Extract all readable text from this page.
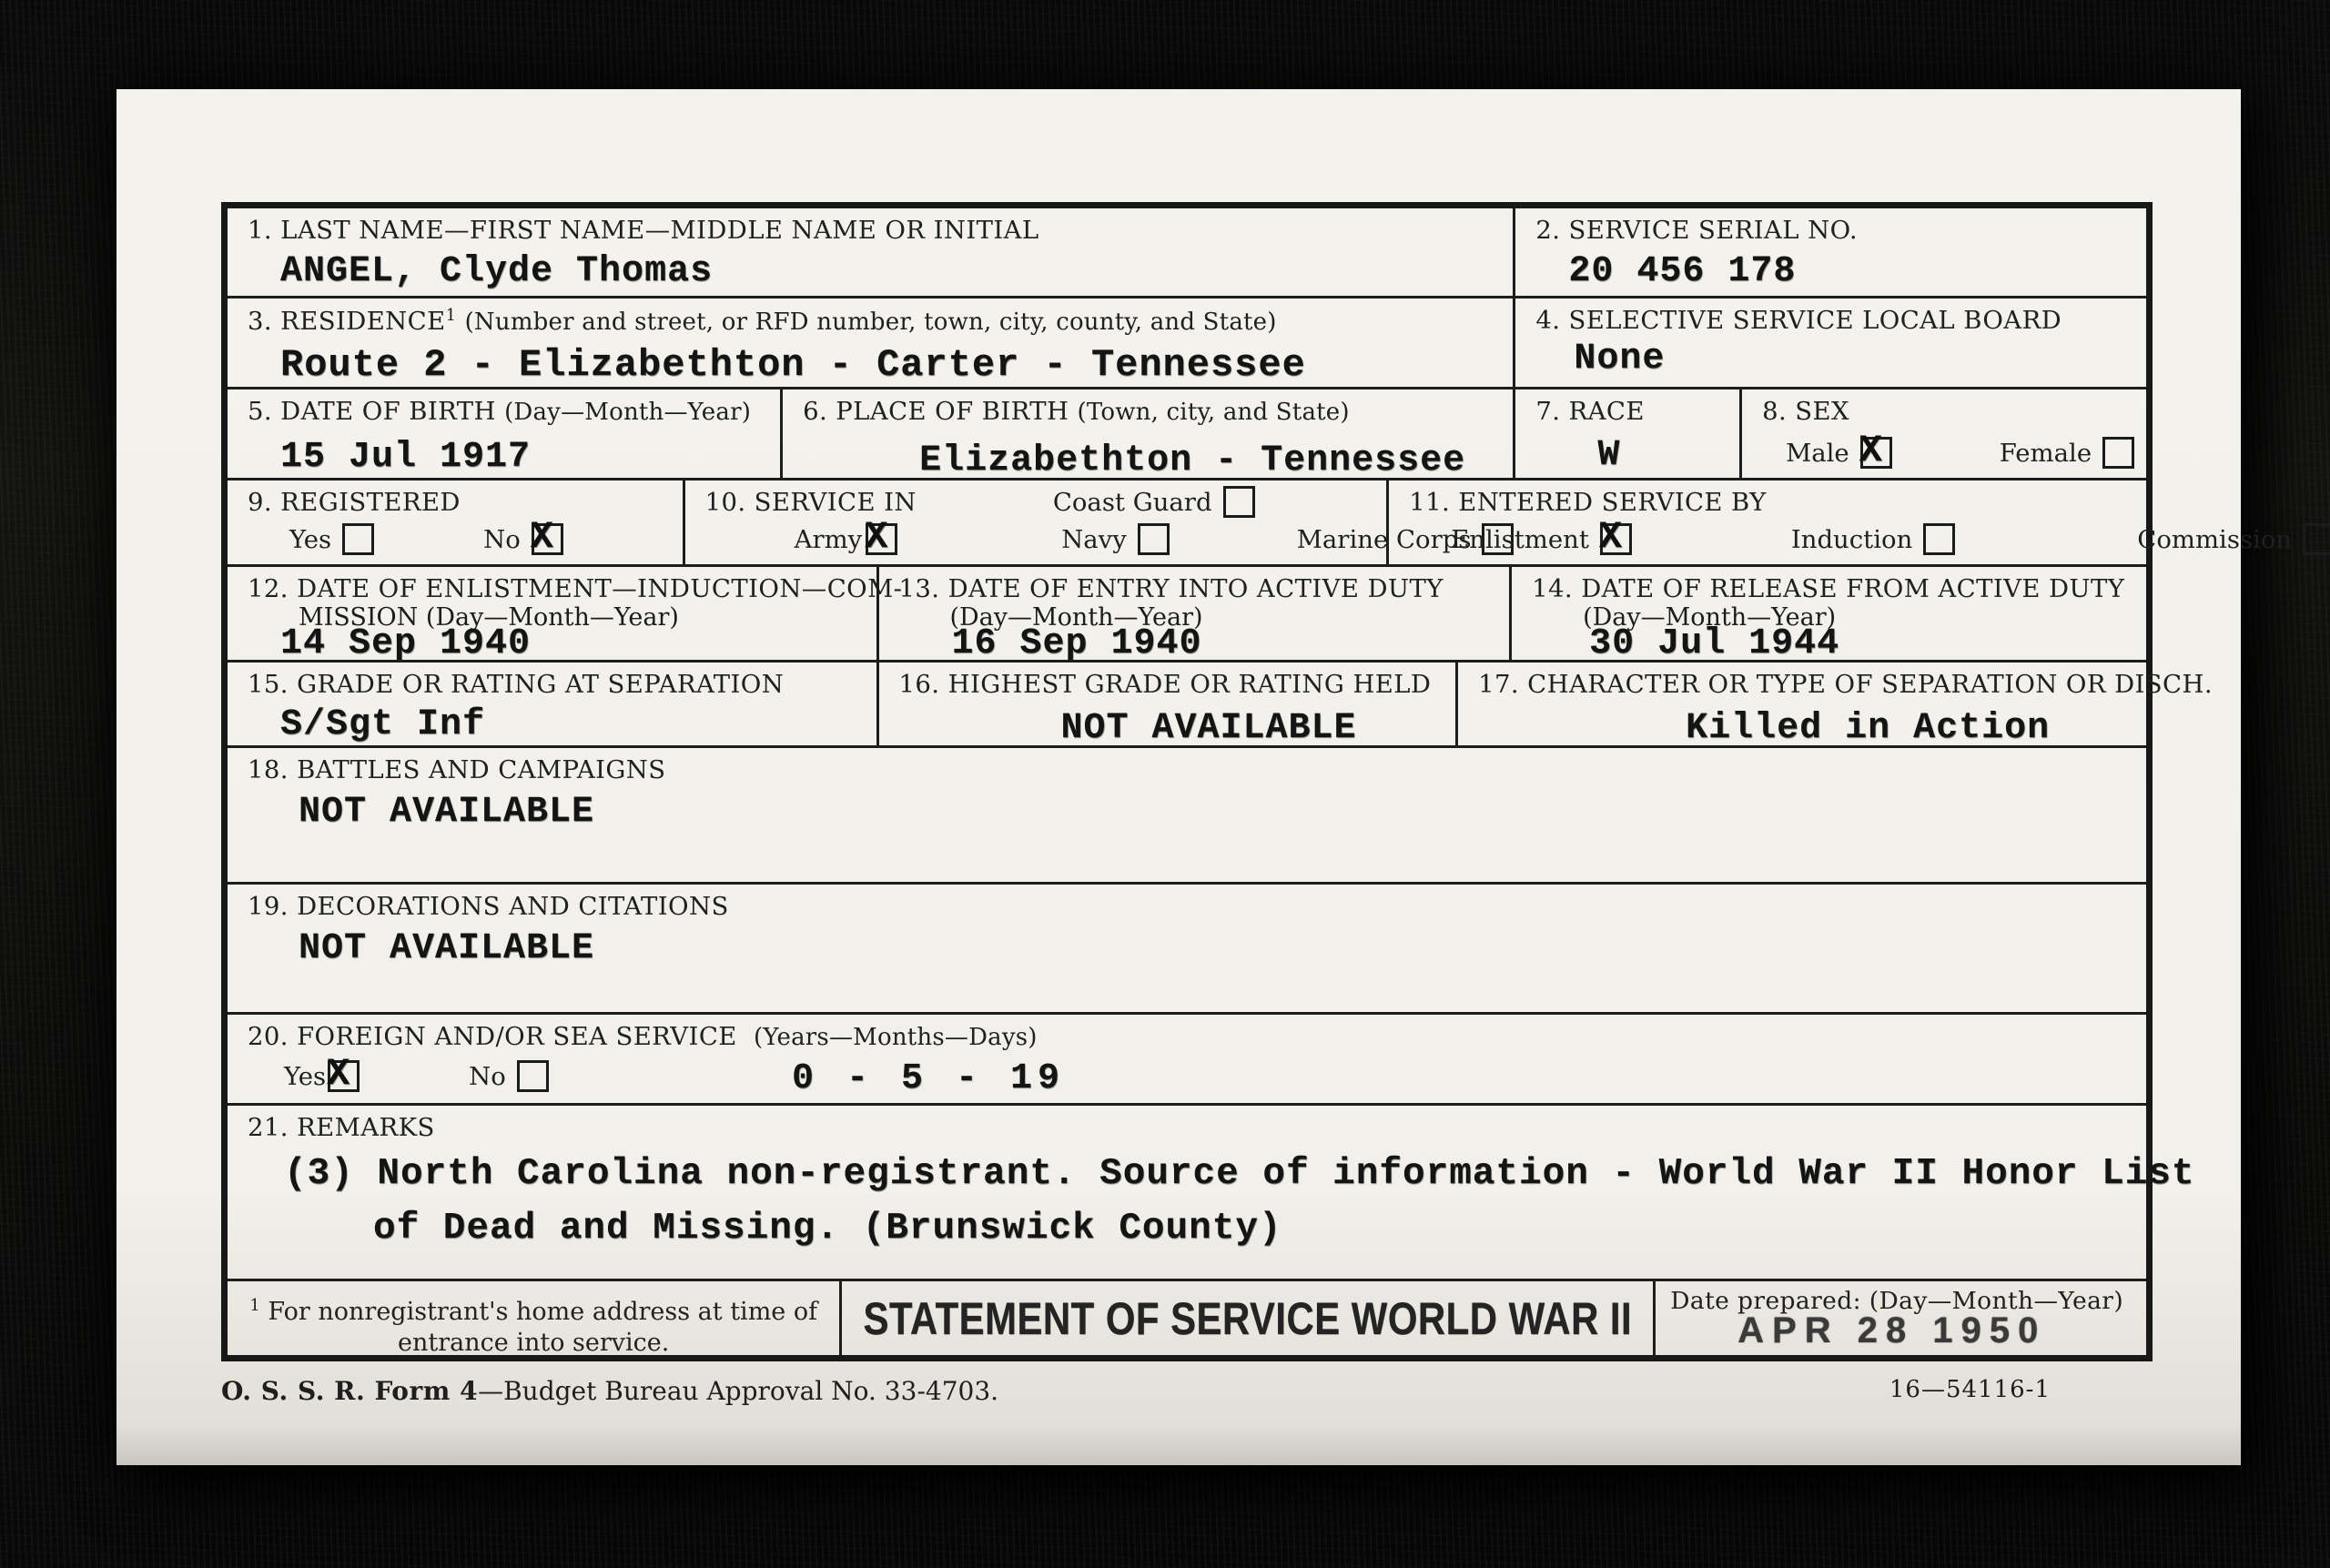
1. LAST NAME—FIRST NAME—MIDDLE NAME OR INITIAL
ANGEL, Clyde Thomas
2. SERVICE SERIAL NO.
20 456 178
3. RESIDENCE$^1$ (Number and street, or RFD number, town, city, county, and State)
Route 2 - Elizabethton - Carter - Tennessee
4. SELECTIVE SERVICE LOCAL BOARD
None
5. DATE OF BIRTH (Day—Month—Year)
15 Jul 1917
6. PLACE OF BIRTH (Town, city, and State)
Elizabethton - Tennessee
7. RACE
W
8. SEX
Male X	Female
9. REGISTERED
Yes	No X
10. SERVICE IN	Coast Guard
Army X	Navy	Marine Corps
11. ENTERED SERVICE BY
Enlistment X	Induction	Commission
12. DATE OF ENLISTMENT—INDUCTION—COM-
MISSION (Day—Month—Year)
14 Sep 1940
13. DATE OF ENTRY INTO ACTIVE DUTY
(Day—Month—Year)
16 Sep 1940
14. DATE OF RELEASE FROM ACTIVE DUTY
(Day—Month—Year)
30 Jul 1944
15. GRADE OR RATING AT SEPARATION
S/Sgt Inf
16. HIGHEST GRADE OR RATING HELD
NOT AVAILABLE
17. CHARACTER OR TYPE OF SEPARATION OR DISCH.
Killed in Action
18. BATTLES AND CAMPAIGNS
NOT AVAILABLE
19. DECORATIONS AND CITATIONS
NOT AVAILABLE
20. FOREIGN AND/OR SEA SERVICE (Years—Months—Days)
Yes X	No	0 - 5 - 19
21. REMARKS
(3) North Carolina non-registrant. Source of information - World War II Honor List
of Dead and Missing. (Brunswick County)
$^1$ For nonregistrant's home address at time of
entrance into service.	STATEMENT OF SERVICE WORLD WAR II Date prepared: (Day—Month—Year)
APR 28 1950
O. S. S. R. Form 4—Budget Bureau Approval No. 33-4703.	16—54116-1
